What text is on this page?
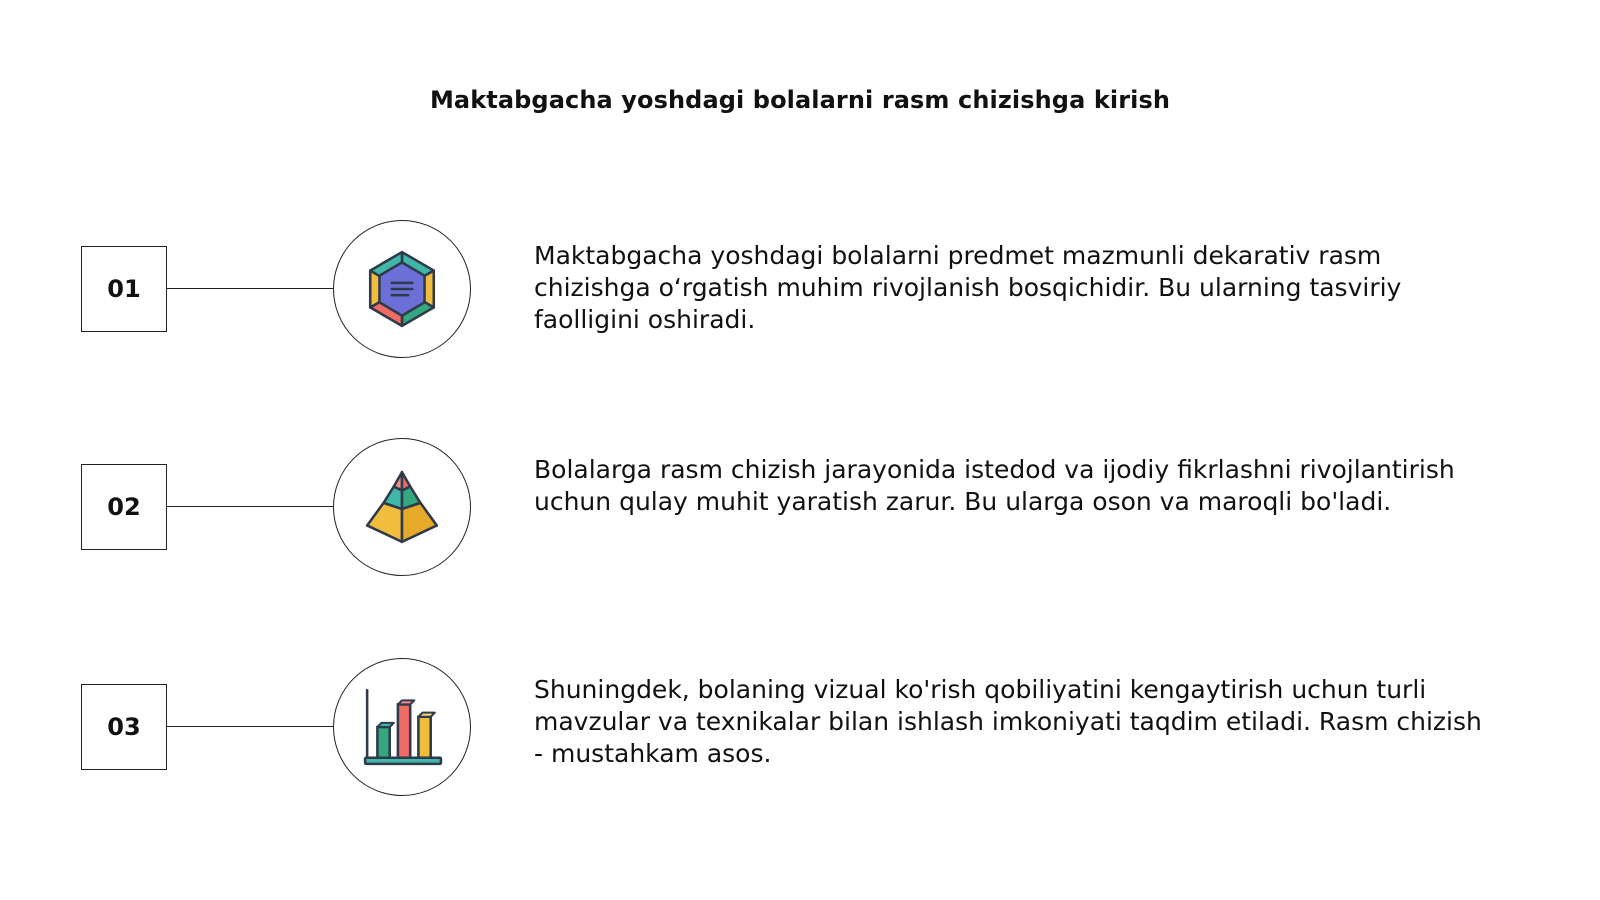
Maktabgacha yoshdagi bolalarni rasm chizishga kirish
01

Maktabgacha yoshdagi bolalarni predmet mazmunli dekarativ rasm chizishga oʻrgatish muhim rivojlanish bosqichidir. Bu ularning tasviriy faolligini oshiradi.

02

Bolalarga rasm chizish jarayonida istedod va ijodiy fikrlashni rivojlantirish uchun qulay muhit yaratish zarur. Bu ularga oson va maroqli bo'ladi.

03

Shuningdek, bolaning vizual ko'rish qobiliyatini kengaytirish uchun turli mavzular va texnikalar bilan ishlash imkoniyati taqdim etiladi. Rasm chizish - mustahkam asos.
